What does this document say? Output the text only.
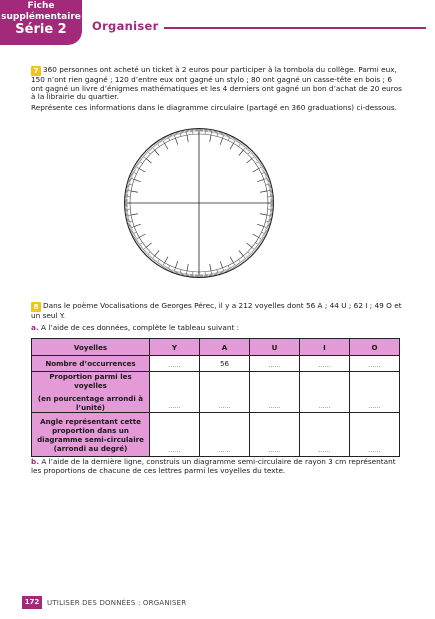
Fiche
supplémentaire
Série 2	Organiser

7 360 personnes ont acheté un ticket à 2 euros pour participer à la tombola du collège. Parmi eux, 150 n’ont rien gagné ; 120 d’entre eux ont gagné un stylo ; 80 ont gagné un casse-tête en bois ; 6 ont gagné un livre d’énigmes mathématiques et les 4 derniers ont gagné un bon d’achat de 20 euros à la librairie du quartier.

Représente ces informations dans le diagramme circulaire (partagé en 360 graduations) ci-dessous.

8 Dans le poème Vocalisations de Georges Pérec, il y a 212 voyelles dont 56 A ; 44 U ; 62 I ; 49 O et un seul Y.

a. A l’aide de ces données, complète le tableau suivant :

Voyelles	Y	A	U	I	O
Nombre d’occurrences	……	56	……	……	……

Proportion parmi les voyelles
(en pourcentage arrondi à l’unité)	……	……	……	……	……
Angle représentant cette proportion dans un diagramme semi-circulaire (arrondi au degré)	……	……	……	……	……

b. A l’aide de la dernière ligne, construis un diagramme semi-circulaire de rayon 3 cm représentant les proportions de chacune de ces lettres parmi les voyelles du texte.

172	UTILISER DES DONNÉES : ORGANISER
